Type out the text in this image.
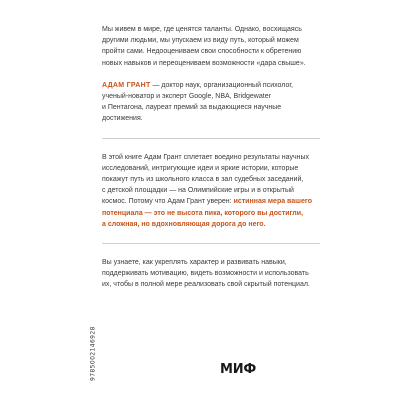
Мы живем в мире, где ценятся таланты. Однако, восхищаясь
другими людьми, мы упускаем из виду путь, который можем
пройти сами. Недооцениваем свои способности к обретению
новых навыков и переоцениваем возможности «дара свыше».

АДАМ ГРАНТ — доктор наук, организационный психолог,
ученый-новатор и эксперт Google, NBA, Bridgewater
и Пентагона, лауреат премий за выдающиеся научные
достижения.

В этой книге Адам Грант сплетает воедино результаты научных
исследований, интригующие идеи и яркие истории, которые
покажут путь из школьного класса в зал судебных заседаний,
с детской площадки — на Олимпийские игры и в открытый
космос. Потому что Адам Грант уверен: истинная мера вашего
потенциала — это не высота пика, которого вы достигли,
а сложная, но вдохновляющая дорога до него.

Вы узнаете, как укреплять характер и развивать навыки,
поддерживать мотивацию, видеть возможности и использовать
их, чтобы в полной мере реализовать свой скрытый потенциал.

9785002146928	МИФ
